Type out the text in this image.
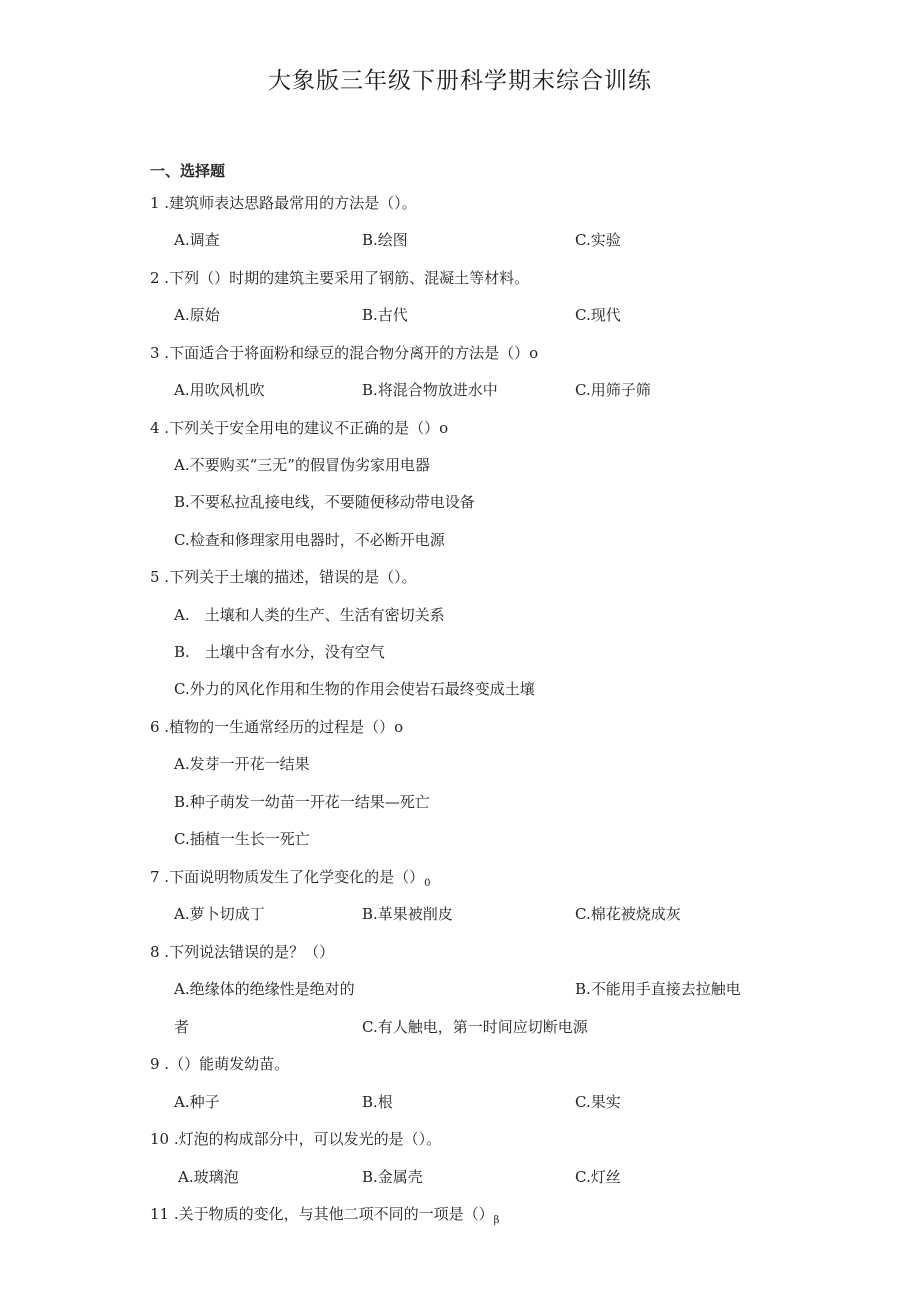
大象版三年级下册科学期末综合训练
一、选择题
1 .建筑师表达思路最常用的方法是（）。
A.调查	B.绘图	C.实验
2 .下列（）时期的建筑主要采用了钢筋、混凝土等材料。
A.原始	B.古代	C.现代
3 .下面适合于将面粉和绿豆的混合物分离开的方法是（）o
A.用吹风机吹	B.将混合物放进水中	C.用筛子筛
4 .下列关于安全用电的建议不正确的是（）o
A.不要购买“三无”的假冒伪劣家用电器
B.不要私拉乱接电线，不要随便移动带电设备
C.检查和修理家用电器时，不必断开电源
5 .下列关于土壤的描述，错误的是（）。
A.　土壤和人类的生产、生活有密切关系
B.　土壤中含有水分，没有空气
C.外力的风化作用和生物的作用会使岩石最终变成土壤
6 .植物的一生通常经历的过程是（）o
A.发芽一开花一结果
B.种子萌发一幼苗一开花一结果—死亡
C.插植一生长一死亡
7 .下面说明物质发生了化学变化的是$()_0$
A.萝卜切成丁	B.革果被削皮	C.棉花被烧成灰
8 .下列说法错误的是？（）
A.绝缘体的绝缘性是绝对的	B.不能用手直接去拉触电
者	C.有人触电，第一时间应切断电源
9 .（）能萌发幼苗。
A.种子	B.根	C.果实
10 .灯泡的构成部分中，可以发光的是（）。
A.玻璃泡	B.金属壳	C.灯丝
11 .关于物质的变化，与其他二项不同的一项是$()_\beta$
